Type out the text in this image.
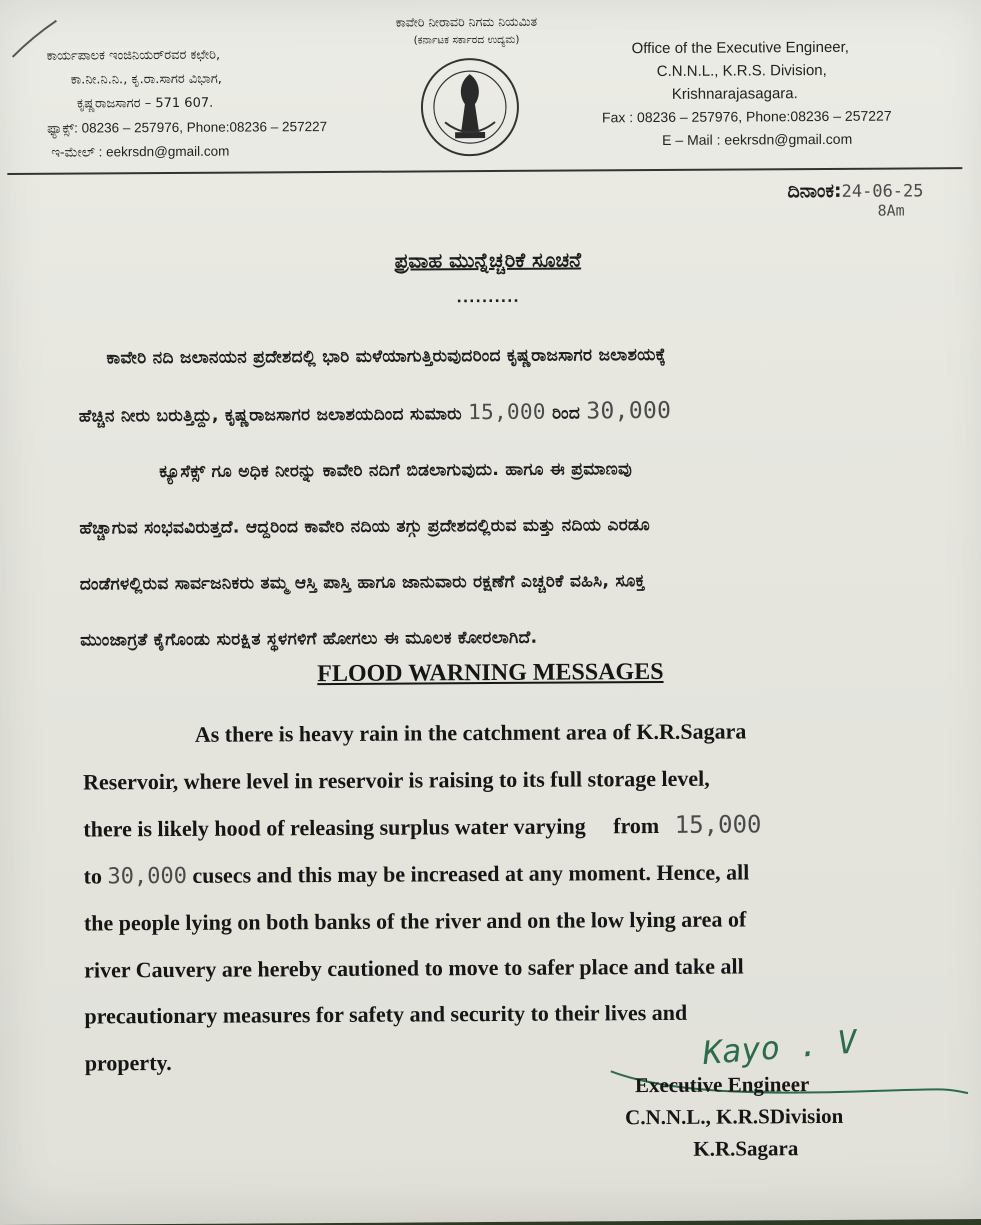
ಕಾವೇರಿ ನೀರಾವರಿ ನಿಗಮ ನಿಯಮಿತ
(ಕರ್ನಾಟಕ ಸರ್ಕಾರದ ಉದ್ಯಮ)
ಕಾರ್ಯಪಾಲಕ ಇಂಜಿನಿಯರ್‌ರವರ ಕಛೇರಿ,
ಕಾ.ನೀ.ನಿ.ನಿ., ಕೃ.ರಾ.ಸಾಗರ ವಿಭಾಗ,
ಕೃಷ್ಣರಾಜಸಾಗರ – 571 607.
ಫ್ಯಾಕ್ಸ್: 08236 – 257976, Phone:08236 – 257227
ಇ-ಮೇಲ್ : eekrsdn@gmail.com
Office of the Executive Engineer,
C.N.N.L., K.R.S. Division,
Krishnarajasagara.
Fax : 08236 – 257976, Phone:08236 – 257227
E – Mail : eekrsdn@gmail.com
ದಿನಾಂಕ:24-06-25
8Am
ಪ್ರವಾಹ ಮುನ್ನೆಚ್ಚರಿಕೆ ಸೂಚನೆ
..........
ಕಾವೇರಿ ನದಿ ಜಲಾನಯನ ಪ್ರದೇಶದಲ್ಲಿ ಭಾರಿ ಮಳೆಯಾಗುತ್ತಿರುವುದರಿಂದ ಕೃಷ್ಣರಾಜಸಾಗರ ಜಲಾಶಯಕ್ಕೆ
ಹೆಚ್ಚಿನ ನೀರು ಬರುತ್ತಿದ್ದು, ಕೃಷ್ಣರಾಜಸಾಗರ ಜಲಾಶಯದಿಂದ ಸುಮಾರು 15,000 ರಿಂದ 30,000
ಕ್ಯೂಸೆಕ್ಸ್ ಗೂ ಅಧಿಕ ನೀರನ್ನು ಕಾವೇರಿ ನದಿಗೆ ಬಿಡಲಾಗುವುದು. ಹಾಗೂ ಈ ಪ್ರಮಾಣವು
ಹೆಚ್ಚಾಗುವ ಸಂಭವವಿರುತ್ತದೆ. ಆದ್ದರಿಂದ ಕಾವೇರಿ ನದಿಯ ತಗ್ಗು ಪ್ರದೇಶದಲ್ಲಿರುವ ಮತ್ತು ನದಿಯ ಎರಡೂ
ದಂಡೆಗಳಲ್ಲಿರುವ ಸಾರ್ವಜನಿಕರು ತಮ್ಮ ಆಸ್ತಿ ಪಾಸ್ತಿ ಹಾಗೂ ಜಾನುವಾರು ರಕ್ಷಣೆಗೆ ಎಚ್ಚರಿಕೆ ವಹಿಸಿ, ಸೂಕ್ತ
ಮುಂಜಾಗ್ರತೆ ಕೈಗೊಂಡು ಸುರಕ್ಷಿತ ಸ್ಥಳಗಳಿಗೆ ಹೋಗಲು ಈ ಮೂಲಕ ಕೋರಲಾಗಿದೆ.
FLOOD WARNING MESSAGES
As there is heavy rain in the catchment area of K.R.Sagara
Reservoir, where level in reservoir is raising to its full storage level,
there is likely hood of releasing surplus water varying from 15,000
to 30,000 cusecs and this may be increased at any moment. Hence, all
the people lying on both banks of the river and on the low lying area of
river Cauvery are hereby cautioned to move to safer place and take all
precautionary measures for safety and security to their lives and
property.	Kayo . V
Executive Engineer
C.N.N.L., K.R.SDivision
K.R.Sagara
